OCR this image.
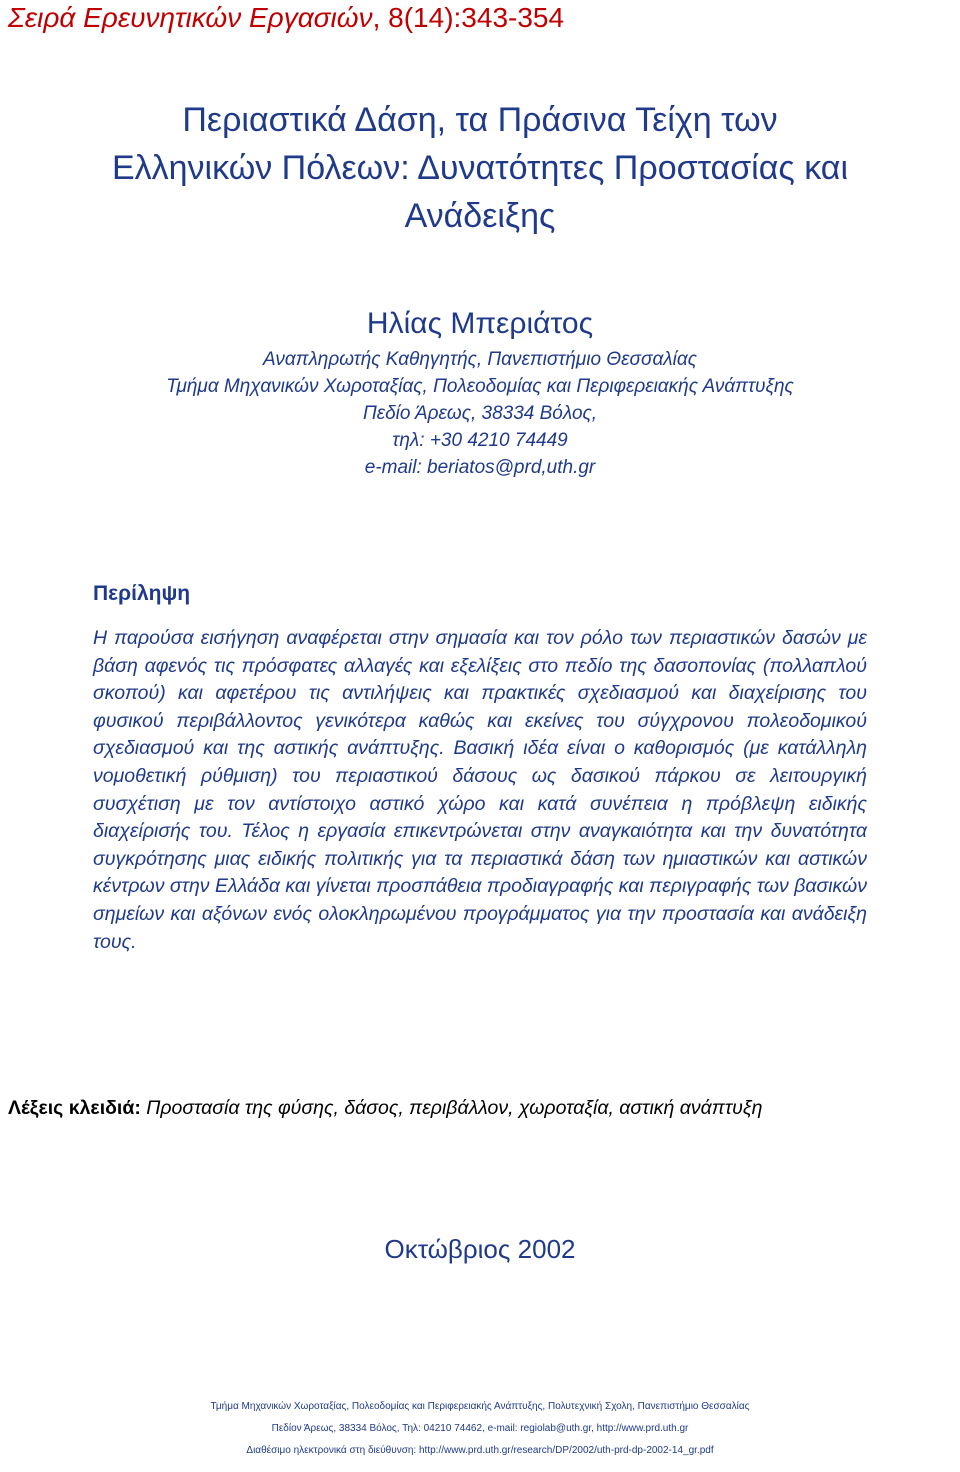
Σειρά Ερευνητικών Εργασιών, 8(14):343-354
Περιαστικά Δάση, τα Πράσινα Τείχη των
Ελληνικών Πόλεων: Δυνατότητες Προστασίας και
Ανάδειξης
Ηλίας Μπεριάτος
Αναπληρωτής Καθηγητής, Πανεπιστήμιο Θεσσαλίας
Τμήμα Μηχανικών Χωροταξίας, Πολεοδομίας και Περιφερειακής Ανάπτυξης
Πεδίο Άρεως, 38334 Βόλος,
τηλ: +30 4210 74449
e-mail: beriatos@prd,uth.gr
Περίληψη
Η παρούσα εισήγηση αναφέρεται στην σημασία και τον ρόλο των περιαστικών δασών με βάση αφενός τις πρόσφατες αλλαγές και εξελίξεις στο πεδίο της δασοπονίας (πολλαπλού σκοπού) και αφετέρου τις αντιλήψεις και πρακτικές σχεδιασμού και διαχείρισης του φυσικού περιβάλλοντος γενικότερα καθώς και εκείνες του σύγχρονου πολεοδομικού σχεδιασμού και της αστικής ανάπτυξης. Βασική ιδέα είναι ο καθορισμός (με κατάλληλη νομοθετική ρύθμιση) του περιαστικού δάσους ως δασικού πάρκου σε λειτουργική συσχέτιση με τον αντίστοιχο αστικό χώρο και κατά συνέπεια η πρόβλεψη ειδικής διαχείρισής του. Τέλος η εργασία επικεντρώνεται στην αναγκαιότητα και την δυνατότητα συγκρότησης μιας ειδικής πολιτικής για τα περιαστικά δάση των ημιαστικών και αστικών κέντρων στην Ελλάδα και γίνεται προσπάθεια προδιαγραφής και περιγραφής των βασικών σημείων και αξόνων ενός ολοκληρωμένου προγράμματος για την προστασία και ανάδειξη τους.
Λέξεις κλειδιά: Προστασία της φύσης, δάσος, περιβάλλον, χωροταξία, αστική ανάπτυξη
Οκτώβριος 2002
Τμήμα Μηχανικών Χωροταξίας, Πολεοδομίας και Περιφερειακής Ανάπτυξης, Πολυτεχνική Σχολη, Πανεπιστήμιο Θεσσαλίας
Πεδίον Άρεως, 38334 Βόλος, Τηλ: 04210 74462, e-mail: regiolab@uth.gr, http://www.prd.uth.gr
Διαθέσιμο ηλεκτρονικά στη διεύθυνση: http://www.prd.uth.gr/research/DP/2002/uth-prd-dp-2002-14_gr.pdf
